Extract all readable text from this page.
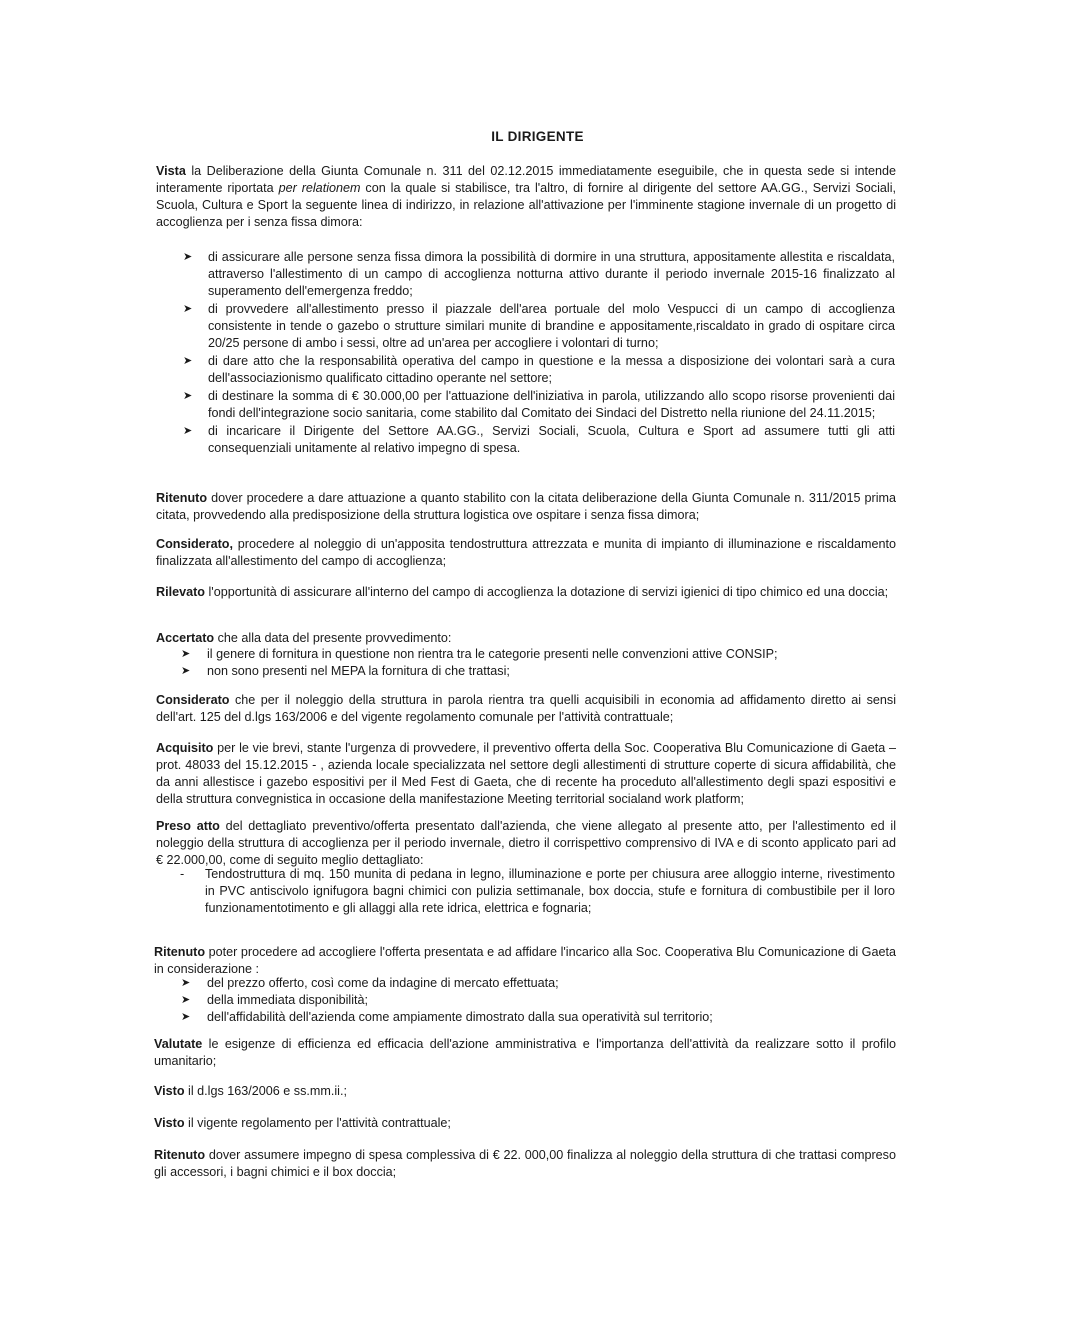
IL DIRIGENTE

Vista la Deliberazione della Giunta Comunale n. 311 del 02.12.2015 immediatamente eseguibile, che in questa sede si intende interamente riportata per relationem con la quale si stabilisce, tra l'altro, di fornire al dirigente del settore AA.GG., Servizi Sociali, Scuola, Cultura e Sport la seguente linea di indirizzo, in relazione all'attivazione per l'imminente stagione invernale di un progetto di accoglienza per i senza fissa dimora:

➤ di assicurare alle persone senza fissa dimora la possibilità di dormire in una struttura, appositamente allestita e riscaldata, attraverso l'allestimento di un campo di accoglienza notturna attivo durante il periodo invernale 2015-16 finalizzato al superamento dell'emergenza freddo;
➤ di provvedere all'allestimento presso il piazzale dell'area portuale del molo Vespucci di un campo di accoglienza consistente in tende o gazebo o strutture similari munite di brandine e appositamente,riscaldato in grado di ospitare circa 20/25 persone di ambo i sessi, oltre ad un'area per accogliere i volontari di turno;
➤ di dare atto che la responsabilità operativa del campo in questione e la messa a disposizione dei volontari sarà a cura dell'associazionismo qualificato cittadino operante nel settore;
➤ di destinare la somma di € 30.000,00 per l'attuazione dell'iniziativa in parola, utilizzando allo scopo risorse provenienti dai fondi dell'integrazione socio sanitaria, come stabilito dal Comitato dei Sindaci del Distretto nella riunione del 24.11.2015;
➤ di incaricare il Dirigente del Settore AA.GG., Servizi Sociali, Scuola, Cultura e Sport ad assumere tutti gli atti consequenziali unitamente al relativo impegno di spesa.

Ritenuto dover procedere a dare attuazione a quanto stabilito con la citata deliberazione della Giunta Comunale n. 311/2015 prima citata, provvedendo alla predisposizione della struttura logistica ove ospitare i senza fissa dimora;

Considerato, procedere al noleggio di un'apposita tendostruttura attrezzata e munita di impianto di illuminazione e riscaldamento finalizzata all'allestimento del campo di accoglienza;

Rilevato l'opportunità di assicurare all'interno del campo di accoglienza la dotazione di servizi igienici di tipo chimico ed una doccia;

Accertato che alla data del presente provvedimento:

➤ il genere di fornitura in questione non rientra tra le categorie presenti nelle convenzioni attive CONSIP;
➤ non sono presenti nel MEPA la fornitura di che trattasi;

Considerato che per il noleggio della struttura in parola rientra tra quelli acquisibili in economia ad affidamento diretto ai sensi dell'art. 125 del d.lgs 163/2006 e del vigente regolamento comunale per l'attività contrattuale;

Acquisito per le vie brevi, stante l'urgenza di provvedere, il preventivo offerta della Soc. Cooperativa Blu Comunicazione di Gaeta – prot. 48033 del 15.12.2015 - , azienda locale specializzata nel settore degli allestimenti di strutture coperte di sicura affidabilità, che da anni allestisce i gazebo espositivi per il Med Fest di Gaeta, che di recente ha proceduto all'allestimento degli spazi espositivi e della struttura convegnistica in occasione della manifestazione Meeting territorial socialand work platform;

Preso atto del dettagliato preventivo/offerta presentato dall'azienda, che viene allegato al presente atto, per l'allestimento ed il noleggio della struttura di accoglienza per il periodo invernale, dietro il corrispettivo comprensivo di IVA e di sconto applicato pari ad € 22.000,00, come di seguito meglio dettagliato:

- Tendostruttura di mq. 150 munita di pedana in legno, illuminazione e porte per chiusura aree alloggio interne, rivestimento in PVC antiscivolo ignifugora bagni chimici con pulizia settimanale, box doccia, stufe e fornitura di combustibile per il loro funzionamentotimento e gli allaggi alla rete idrica, elettrica e fognaria;

Ritenuto poter procedere ad accogliere l'offerta presentata e ad affidare l'incarico alla Soc. Cooperativa Blu Comunicazione di Gaeta in considerazione :

➤ del prezzo offerto, così come da indagine di mercato effettuata;
➤ della immediata disponibilità;
➤ dell'affidabilità dell'azienda come ampiamente dimostrato dalla sua operatività sul territorio;

Valutate le esigenze di efficienza ed efficacia dell'azione amministrativa e l'importanza dell'attività da realizzare sotto il profilo umanitario;

Visto il d.lgs 163/2006 e ss.mm.ii.;

Visto il vigente regolamento per l'attività contrattuale;

Ritenuto dover assumere impegno di spesa complessiva di € 22. 000,00 finalizza al noleggio della struttura di che trattasi compreso gli accessori, i bagni chimici e il box doccia;
